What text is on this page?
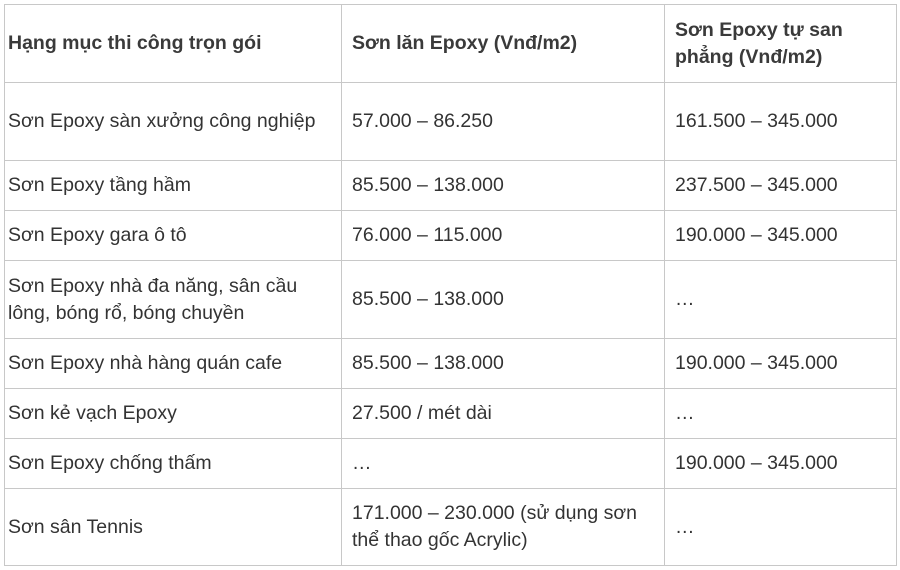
Hạng mục thi công trọn gói	Sơn lăn Epoxy (Vnđ/m2)	Sơn Epoxy tự san phẳng (Vnđ/m2)
Sơn Epoxy sàn xưởng công nghiệp	57.000 – 86.250	161.500 – 345.000
Sơn Epoxy tầng hầm	85.500 – 138.000	237.500 – 345.000
Sơn Epoxy gara ô tô	76.000 – 115.000	190.000 – 345.000
Sơn Epoxy nhà đa năng, sân cầu lông, bóng rổ, bóng chuyền	85.500 – 138.000	…
Sơn Epoxy nhà hàng quán cafe	85.500 – 138.000	190.000 – 345.000
Sơn kẻ vạch Epoxy	27.500 / mét dài	…
Sơn Epoxy chống thấm	…	190.000 – 345.000
Sơn sân Tennis	171.000 – 230.000 (sử dụng sơn thể thao gốc Acrylic)	…
